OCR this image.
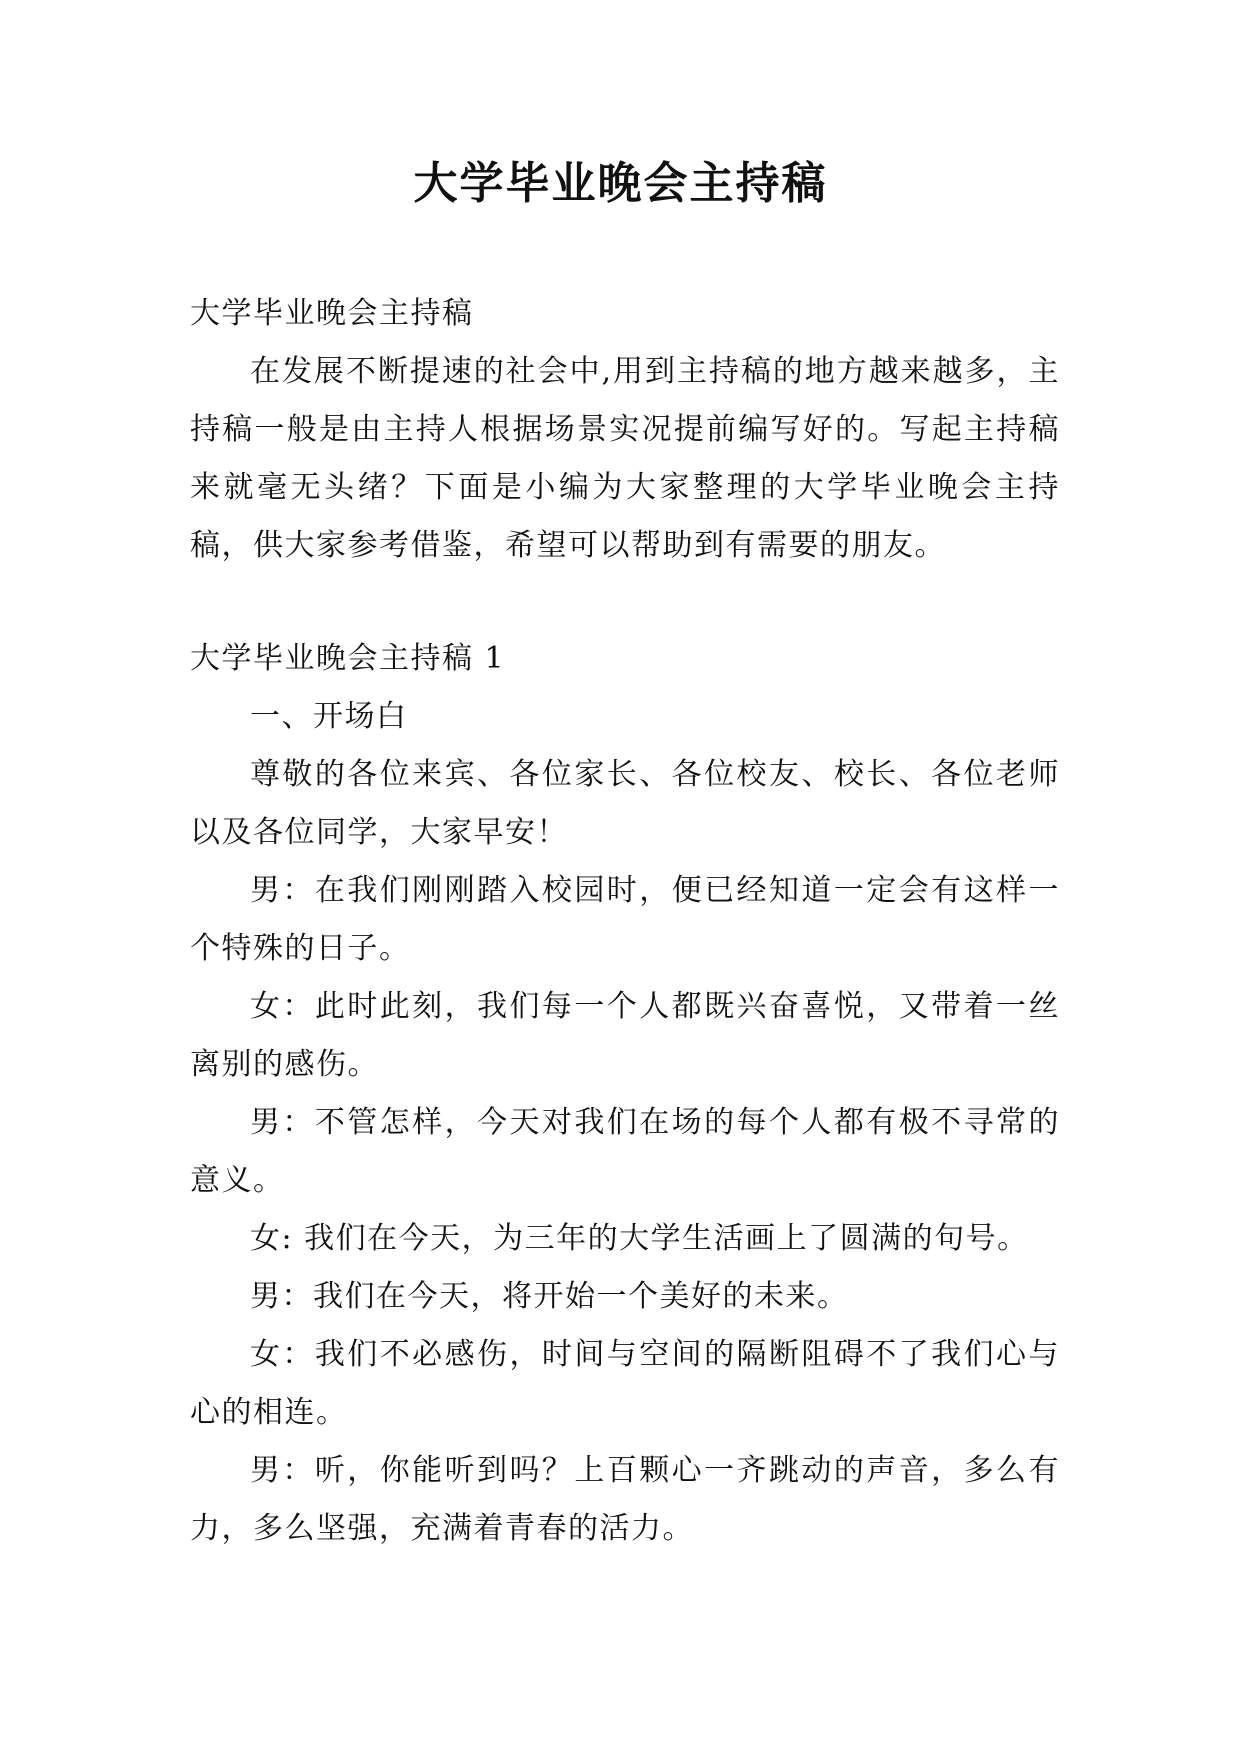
大学毕业晚会主持稿

大学毕业晚会主持稿

在发展不断提速的社会中,用到主持稿的地方越来越多，主持稿一般是由主持人根据场景实况提前编写好的。写起主持稿来就毫无头绪？下面是小编为大家整理的大学毕业晚会主持稿，供大家参考借鉴，希望可以帮助到有需要的朋友。

大学毕业晚会主持稿 1

一、开场白

尊敬的各位来宾、各位家长、各位校友、校长、各位老师以及各位同学，大家早安！

男：在我们刚刚踏入校园时，便已经知道一定会有这样一个特殊的日子。

女：此时此刻，我们每一个人都既兴奋喜悦，又带着一丝离别的感伤。

男：不管怎样，今天对我们在场的每个人都有极不寻常的意义。

女: 我们在今天，为三年的大学生活画上了圆满的句号。

男：我们在今天，将开始一个美好的未来。

女：我们不必感伤，时间与空间的隔断阻碍不了我们心与心的相连。

男：听，你能听到吗？上百颗心一齐跳动的声音，多么有力，多么坚强，充满着青春的活力。
